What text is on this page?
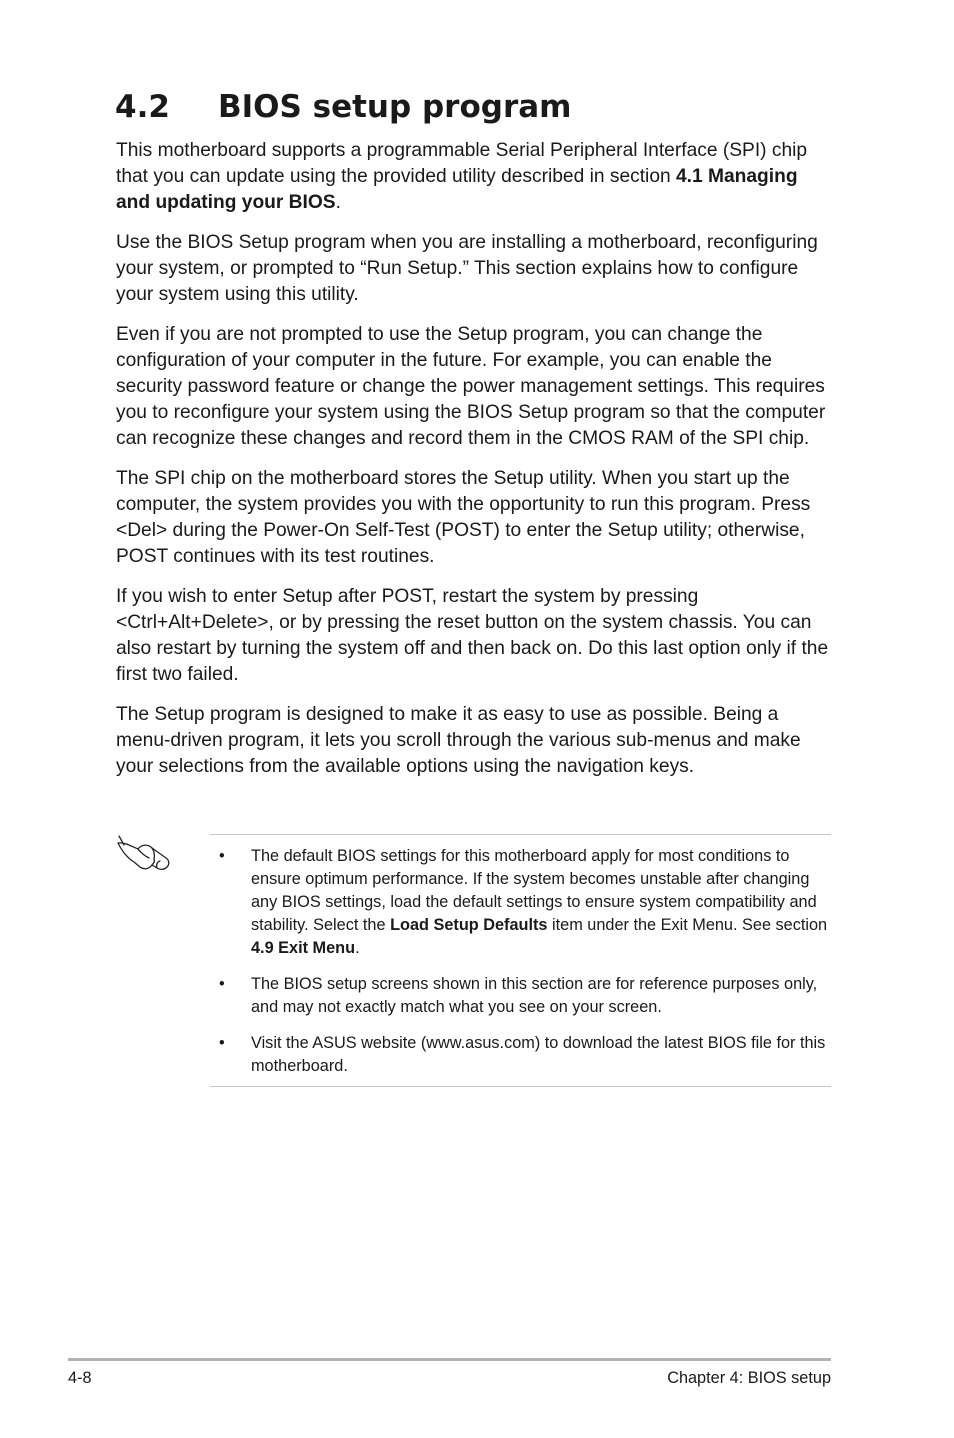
4.2 BIOS setup program

This motherboard supports a programmable Serial Peripheral Interface (SPI) chip that you can update using the provided utility described in section 4.1 Managing and updating your BIOS.

Use the BIOS Setup program when you are installing a motherboard, reconfiguring your system, or prompted to “Run Setup.” This section explains how to configure your system using this utility.

Even if you are not prompted to use the Setup program, you can change the configuration of your computer in the future. For example, you can enable the security password feature or change the power management settings. This requires you to reconfigure your system using the BIOS Setup program so that the computer can recognize these changes and record them in the CMOS RAM of the SPI chip.

The SPI chip on the motherboard stores the Setup utility. When you start up the computer, the system provides you with the opportunity to run this program. Press <Del> during the Power-On Self-Test (POST) to enter the Setup utility; otherwise, POST continues with its test routines.

If you wish to enter Setup after POST, restart the system by pressing <Ctrl+Alt+Delete>, or by pressing the reset button on the system chassis. You can also restart by turning the system off and then back on. Do this last option only if the first two failed.

The Setup program is designed to make it as easy to use as possible. Being a menu-driven program, it lets you scroll through the various sub-menus and make your selections from the available options using the navigation keys.

• The default BIOS settings for this motherboard apply for most conditions to ensure optimum performance. If the system becomes unstable after changing any BIOS settings, load the default settings to ensure system compatibility and stability. Select the Load Setup Defaults item under the Exit Menu. See section 4.9 Exit Menu.
• The BIOS setup screens shown in this section are for reference purposes only, and may not exactly match what you see on your screen.
• Visit the ASUS website (www.asus.com) to download the latest BIOS file for this motherboard.
4-8	Chapter 4: BIOS setup
